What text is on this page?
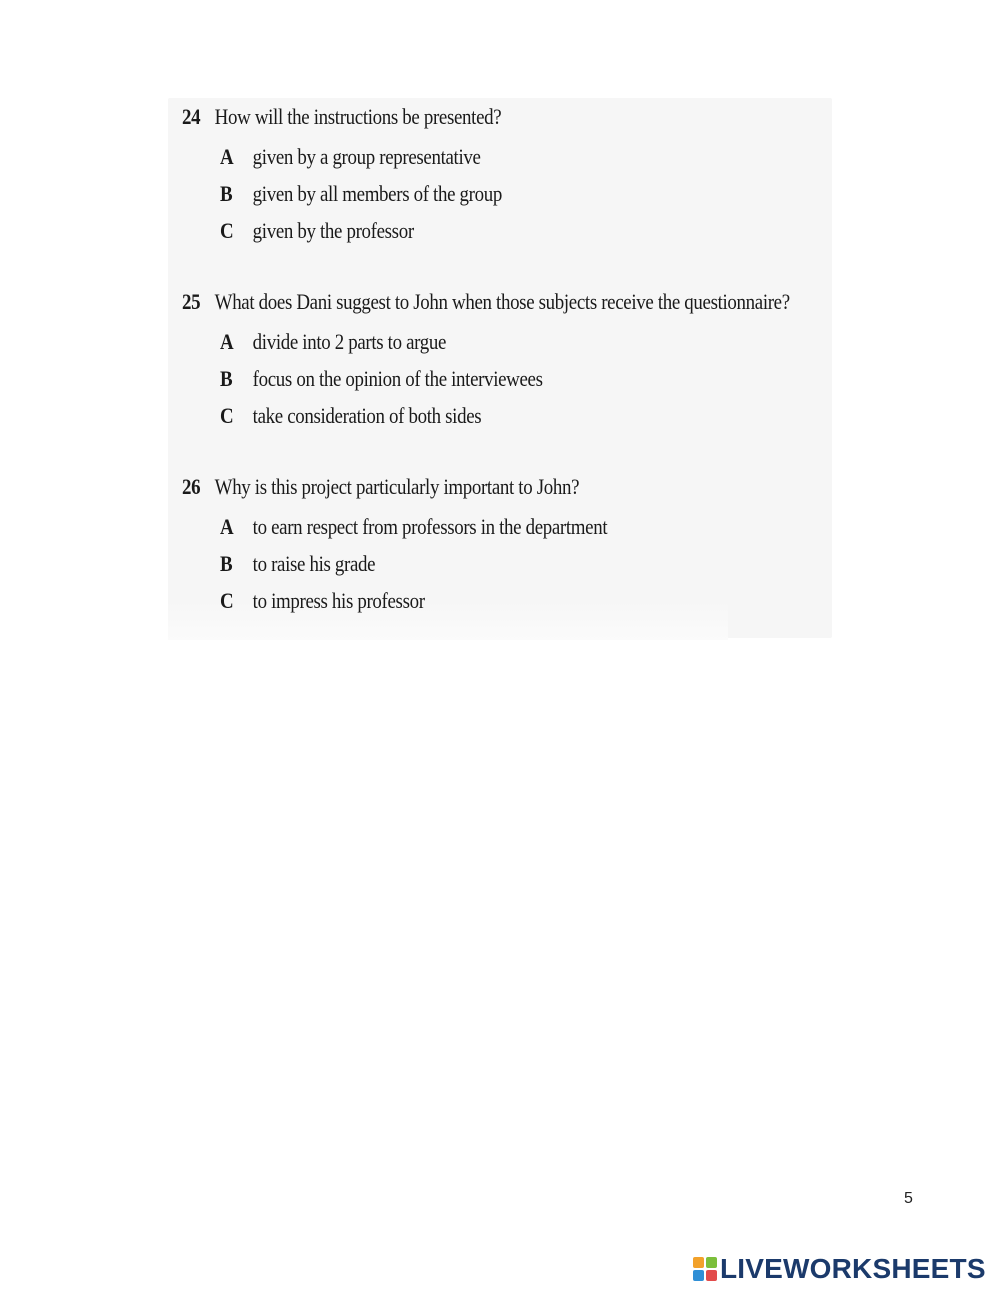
24 How will the instructions be presented?
A given by a group representative
B given by all members of the group
C given by the professor
25 What does Dani suggest to John when those subjects receive the questionnaire?
A divide into 2 parts to argue
B focus on the opinion of the interviewees
C take consideration of both sides
26 Why is this project particularly important to John?
A to earn respect from professors in the department
B to raise his grade
C to impress his professor
5
LIVEWORKSHEETS
